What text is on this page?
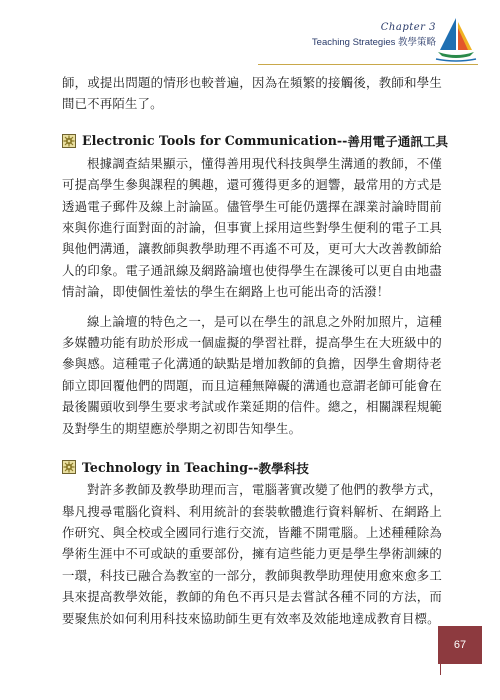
Chapter 3
Teaching Strategies 教學策略

師，或提出問題的情形也較普遍，因為在頻繁的接觸後，教師和學生間已不再陌生了。

Electronic Tools for Communication -- 善用電子通訊工具

根據調查結果顯示，懂得善用現代科技與學生溝通的教師，不僅可提高學生參與課程的興趣，還可獲得更多的迴響，最常用的方式是透過電子郵件及線上討論區。儘管學生可能仍選擇在課業討論時間前來與你進行面對面的討論，但事實上採用這些對學生便利的電子工具與他們溝通，讓教師與教學助理不再遙不可及，更可大大改善教師給人的印象。電子通訊線及網路論壇也使得學生在課後可以更自由地盡情討論，即使個性羞怯的學生在網路上也可能出奇的活潑！

線上論壇的特色之一，是可以在學生的訊息之外附加照片，這種多媒體功能有助於形成一個虛擬的學習社群，提高學生在大班級中的參與感。這種電子化溝通的缺點是增加教師的負擔，因學生會期待老師立即回覆他們的問題，而且這種無障礙的溝通也意謂老師可能會在最後關頭收到學生要求考試或作業延期的信件。總之，相關課程規範及對學生的期望應於學期之初即告知學生。

Technology in Teaching -- 教學科技

對許多教師及教學助理而言，電腦著實改變了他們的教學方式，舉凡搜尋電腦化資料、利用統計的套裝軟體進行資料解析、在網路上作研究、與全校或全國同行進行交流，皆離不開電腦。上述種種除為學術生涯中不可或缺的重要部份，擁有這些能力更是學生學術訓練的一環，科技已融合為教室的一部分，教師與教學助理使用愈來愈多工具來提高教學效能，教師的角色不再只是去嘗試各種不同的方法，而要聚焦於如何利用科技來協助師生更有效率及效能地達成教育目標。

67
